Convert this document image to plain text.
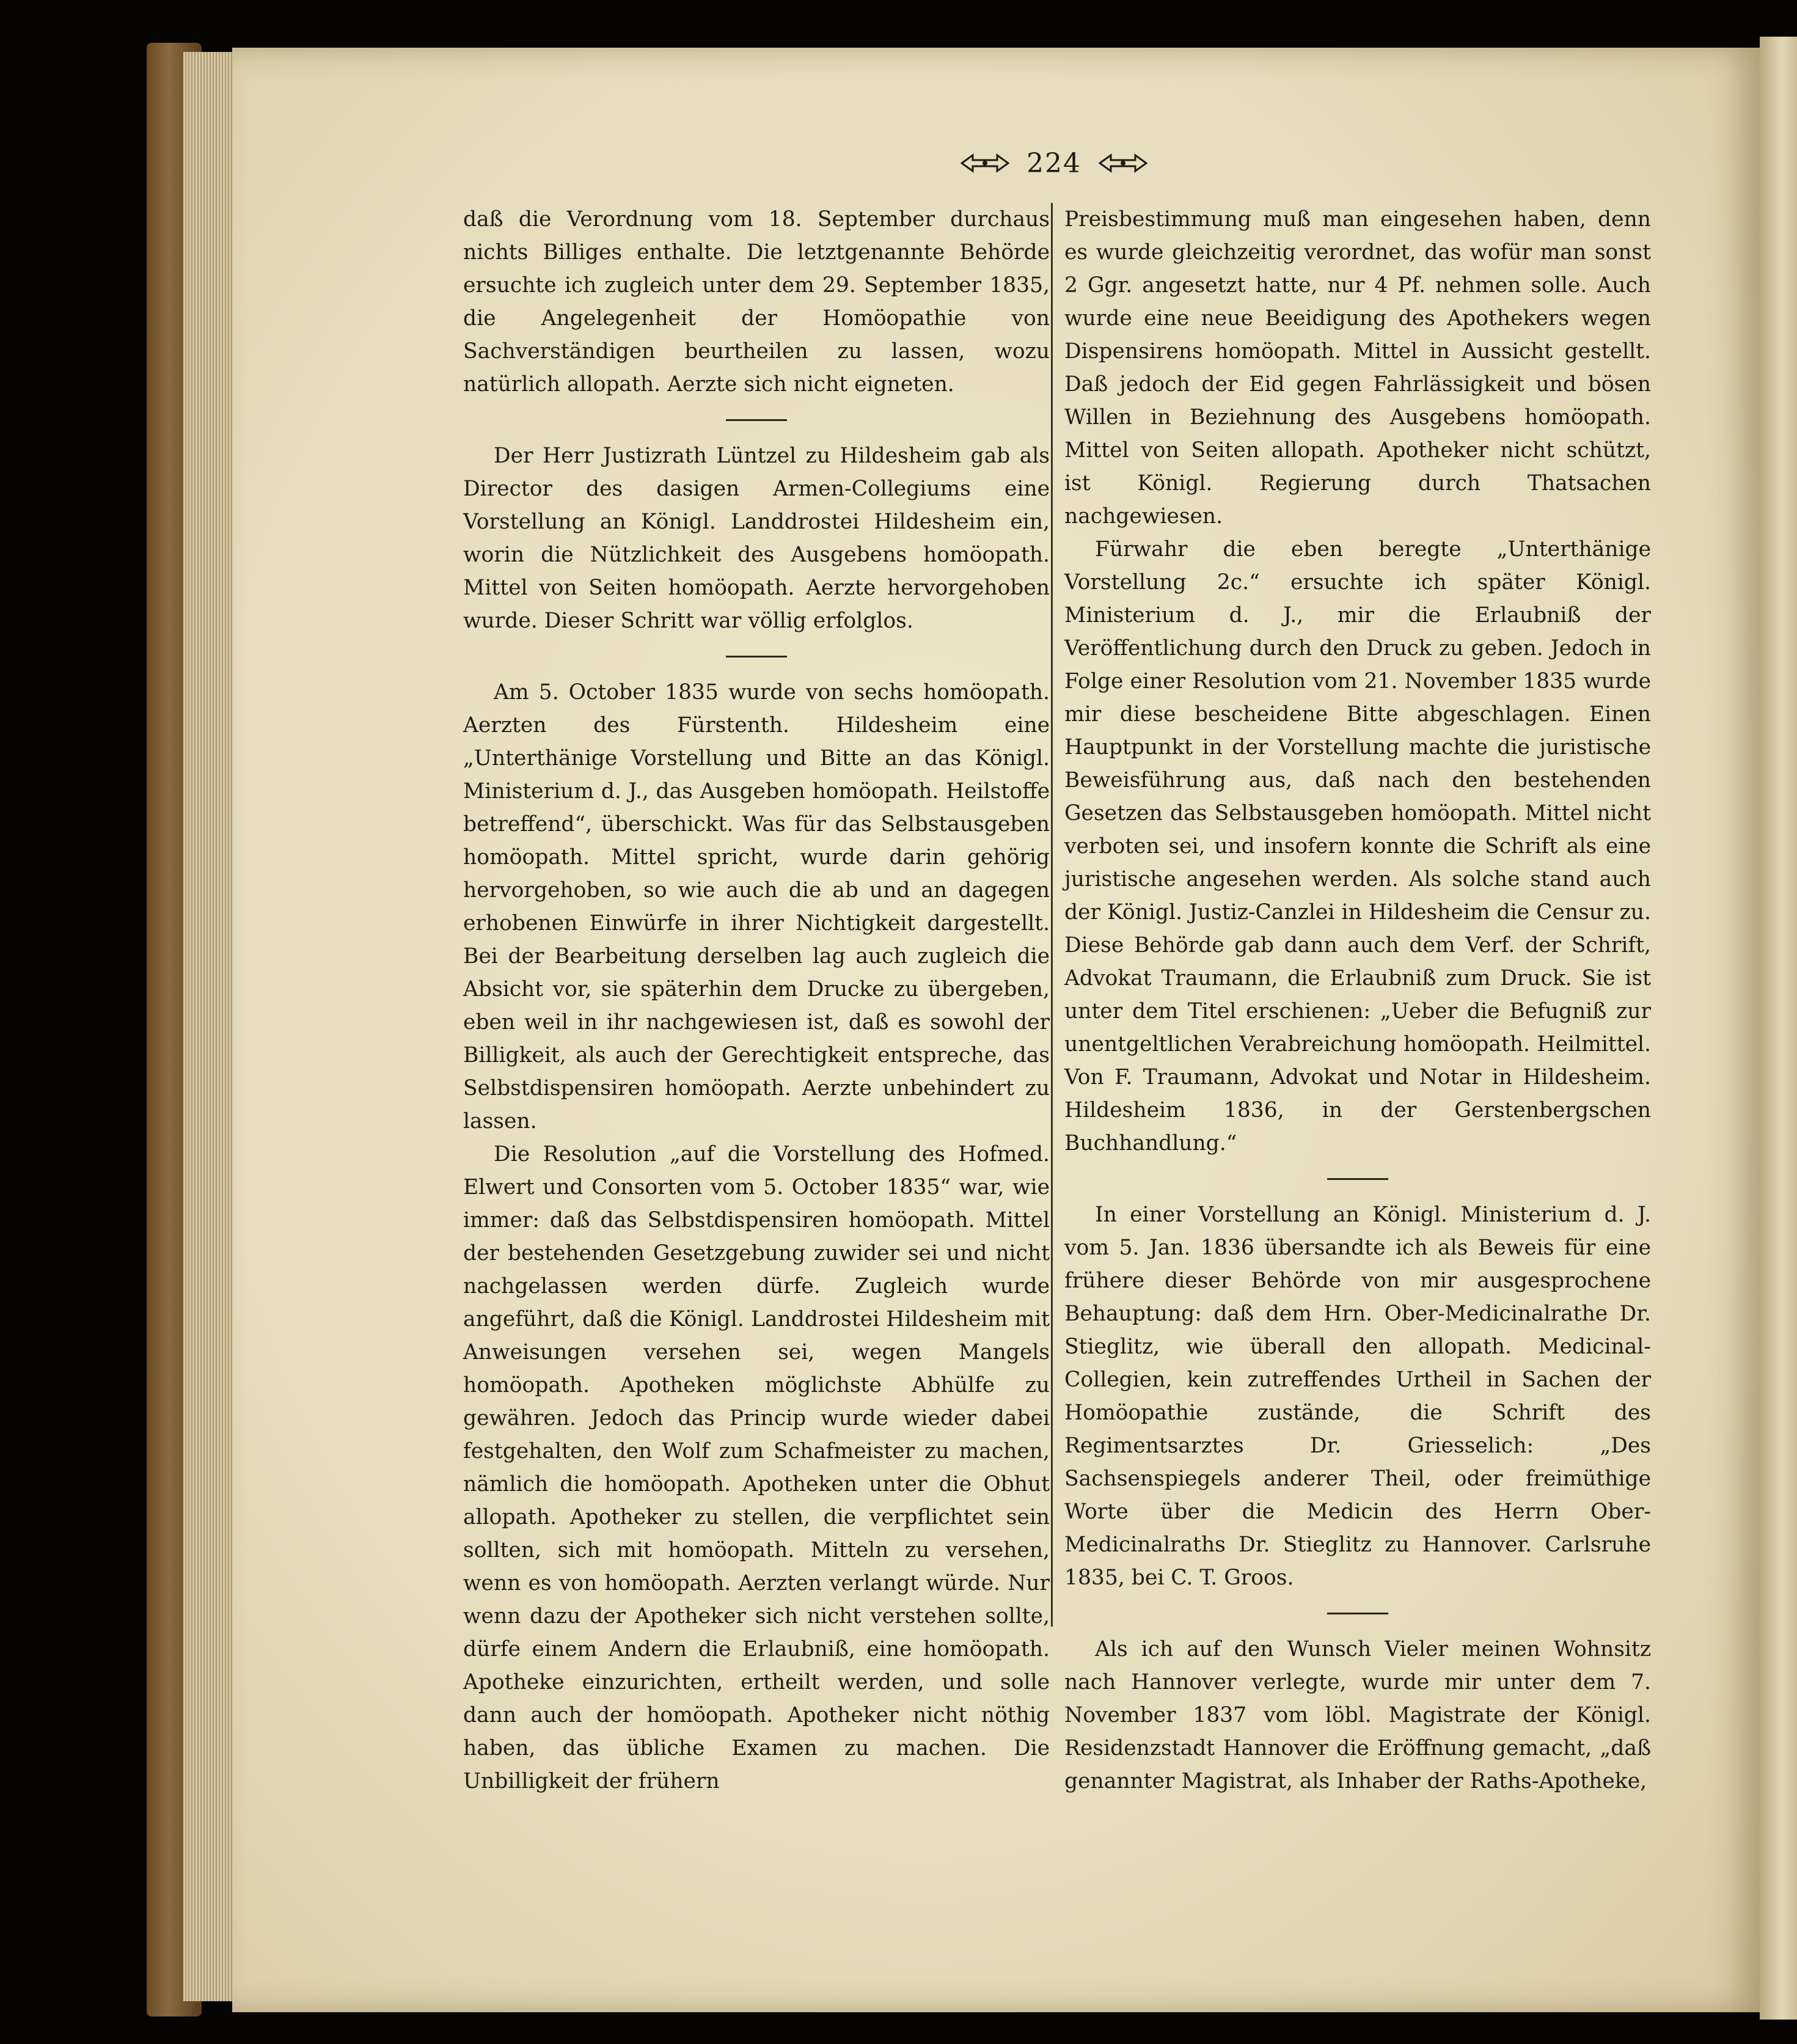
224

daß die Verordnung vom 18. September durchaus nichts Billiges enthalte. Die letztgenannte Behörde ersuchte ich zugleich unter dem 29. September 1835, die Angelegenheit der Homöopathie von Sachverständigen beurtheilen zu lassen, wozu natürlich allopath. Aerzte sich nicht eigneten.

Der Herr Justizrath Lüntzel zu Hildesheim gab als Director des dasigen Armen-Collegiums eine Vorstellung an Königl. Landdrostei Hildesheim ein, worin die Nützlichkeit des Ausgebens homöopath. Mittel von Seiten homöopath. Aerzte hervorgehoben wurde. Dieser Schritt war völlig erfolglos.

Am 5. October 1835 wurde von sechs homöopath. Aerzten des Fürstenth. Hildesheim eine „Unterthänige Vorstellung und Bitte an das Königl. Ministerium d. J., das Ausgeben homöopath. Heilstoffe betreffend“, überschickt. Was für das Selbstausgeben homöopath. Mittel spricht, wurde darin gehörig hervorgehoben, so wie auch die ab und an dagegen erhobenen Einwürfe in ihrer Nichtigkeit dargestellt. Bei der Bearbeitung derselben lag auch zugleich die Absicht vor, sie späterhin dem Drucke zu übergeben, eben weil in ihr nachgewiesen ist, daß es sowohl der Billigkeit, als auch der Gerechtigkeit entspreche, das Selbstdispensiren homöopath. Aerzte unbehindert zu lassen.

Die Resolution „auf die Vorstellung des Hofmed. Elwert und Consorten vom 5. October 1835“ war, wie immer: daß das Selbstdispensiren homöopath. Mittel der bestehenden Gesetzgebung zuwider sei und nicht nachgelassen werden dürfe. Zugleich wurde angeführt, daß die Königl. Landdrostei Hildesheim mit Anweisungen versehen sei, wegen Mangels homöopath. Apotheken möglichste Abhülfe zu gewähren. Jedoch das Princip wurde wieder dabei festgehalten, den Wolf zum Schafmeister zu machen, nämlich die homöopath. Apotheken unter die Obhut allopath. Apotheker zu stellen, die verpflichtet sein sollten, sich mit homöopath. Mitteln zu versehen, wenn es von homöopath. Aerzten verlangt würde. Nur wenn dazu der Apotheker sich nicht verstehen sollte, dürfe einem Andern die Erlaubniß, eine homöopath. Apotheke einzurichten, ertheilt werden, und solle dann auch der homöopath. Apotheker nicht nöthig haben, das übliche Examen zu machen. Die Unbilligkeit der frühern

Preisbestimmung muß man eingesehen haben, denn es wurde gleichzeitig verordnet, das wofür man sonst 2 Ggr. angesetzt hatte, nur 4 Pf. nehmen solle. Auch wurde eine neue Beeidigung des Apothekers wegen Dispensirens homöopath. Mittel in Aussicht gestellt. Daß jedoch der Eid gegen Fahrlässigkeit und bösen Willen in Beziehnung des Ausgebens homöopath. Mittel von Seiten allopath. Apotheker nicht schützt, ist Königl. Regierung durch Thatsachen nachgewiesen.

Fürwahr die eben beregte „Unterthänige Vorstellung 2c.“ ersuchte ich später Königl. Ministerium d. J., mir die Erlaubniß der Veröffentlichung durch den Druck zu geben. Jedoch in Folge einer Resolution vom 21. November 1835 wurde mir diese bescheidene Bitte abgeschlagen. Einen Hauptpunkt in der Vorstellung machte die juristische Beweisführung aus, daß nach den bestehenden Gesetzen das Selbstausgeben homöopath. Mittel nicht verboten sei, und insofern konnte die Schrift als eine juristische angesehen werden. Als solche stand auch der Königl. Justiz-Canzlei in Hildesheim die Censur zu. Diese Behörde gab dann auch dem Verf. der Schrift, Advokat Traumann, die Erlaubniß zum Druck. Sie ist unter dem Titel erschienen: „Ueber die Befugniß zur unentgeltlichen Verabreichung homöopath. Heilmittel. Von F. Traumann, Advokat und Notar in Hildesheim. Hildesheim 1836, in der Gerstenbergschen Buchhandlung.“

In einer Vorstellung an Königl. Ministerium d. J. vom 5. Jan. 1836 übersandte ich als Beweis für eine frühere dieser Behörde von mir ausgesprochene Behauptung: daß dem Hrn. Ober-Medicinalrathe Dr. Stieglitz, wie überall den allopath. Medicinal-Collegien, kein zutreffendes Urtheil in Sachen der Homöopathie zustände, die Schrift des Regimentsarztes Dr. Griesselich: „Des Sachsenspiegels anderer Theil, oder freimüthige Worte über die Medicin des Herrn Ober-Medicinalraths Dr. Stieglitz zu Hannover. Carlsruhe 1835, bei C. T. Groos.

Als ich auf den Wunsch Vieler meinen Wohnsitz nach Hannover verlegte, wurde mir unter dem 7. November 1837 vom löbl. Magistrate der Königl. Residenzstadt Hannover die Eröffnung gemacht, „daß genannter Magistrat, als Inhaber der Raths-Apotheke,
